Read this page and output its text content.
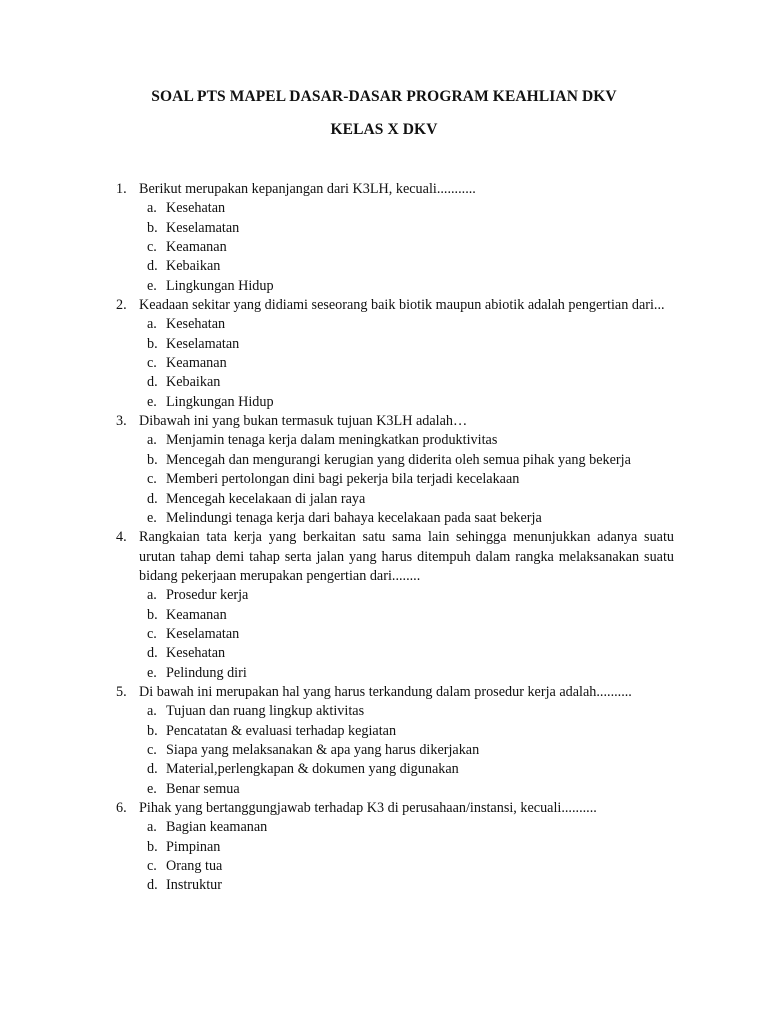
SOAL PTS MAPEL DASAR-DASAR PROGRAM KEAHLIAN DKV
KELAS X DKV
1. Berikut merupakan kepanjangan dari K3LH, kecuali...........
a. Kesehatan
b. Keselamatan
c. Keamanan
d. Kebaikan
e. Lingkungan Hidup
2. Keadaan sekitar yang didiami seseorang baik biotik maupun abiotik adalah pengertian dari...
a. Kesehatan
b. Keselamatan
c. Keamanan
d. Kebaikan
e. Lingkungan Hidup
3. Dibawah ini yang bukan termasuk tujuan K3LH adalah…
a. Menjamin tenaga kerja dalam meningkatkan produktivitas
b. Mencegah dan mengurangi kerugian yang diderita oleh semua pihak yang bekerja
c. Memberi pertolongan dini bagi pekerja bila terjadi kecelakaan
d. Mencegah kecelakaan di jalan raya
e. Melindungi tenaga kerja dari bahaya kecelakaan pada saat bekerja
4. Rangkaian tata kerja yang berkaitan satu sama lain sehingga menunjukkan adanya suatu urutan tahap demi tahap serta jalan yang harus ditempuh dalam rangka melaksanakan suatu bidang pekerjaan merupakan pengertian dari........
a. Prosedur kerja
b. Keamanan
c. Keselamatan
d. Kesehatan
e. Pelindung diri
5. Di bawah ini merupakan hal yang harus terkandung dalam prosedur kerja adalah..........
a. Tujuan dan ruang lingkup aktivitas
b. Pencatatan & evaluasi terhadap kegiatan
c. Siapa yang melaksanakan & apa yang harus dikerjakan
d. Material,perlengkapan & dokumen yang digunakan
e. Benar semua
6. Pihak yang bertanggungjawab terhadap K3 di perusahaan/instansi, kecuali..........
a. Bagian keamanan
b. Pimpinan
c. Orang tua
d. Instruktur
